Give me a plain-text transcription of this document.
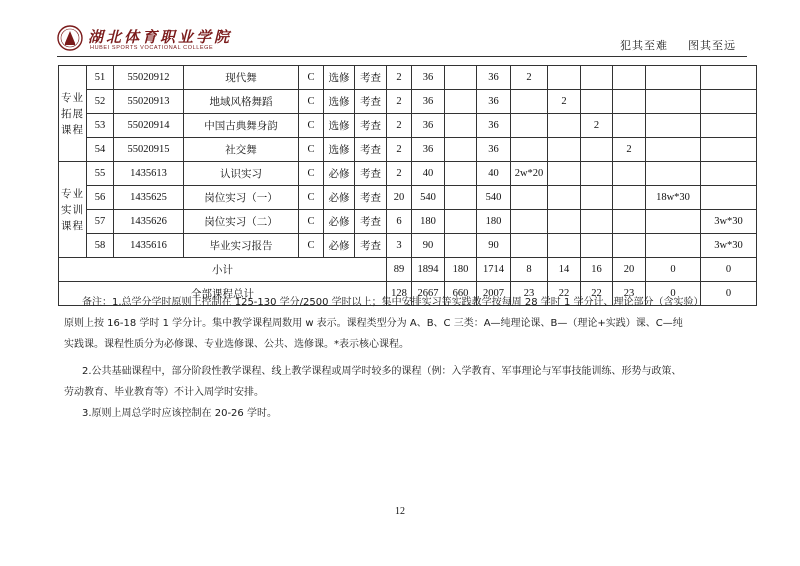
湖北体育职业学院
HUBEI SPORTS VOCATIONAL COLLEGE	犯其至难 图其至远
专业拓展课程	51	55020912	现代舞	C	选修	考查	2	36		36	2					
	52	55020913	地域风格舞蹈	C	选修	考查	2	36		36		2				
	53	55020914	中国古典舞身韵	C	选修	考查	2	36		36			2			
	54	55020915	社交舞	C	选修	考查	2	36		36				2		
专业实训课程	55	1435613	认识实习	C	必修	考查	2	40		40	2w*20					
	56	1435625	岗位实习（一）	C	必修	考查	20	540		540					18w*30	
	57	1435626	岗位实习（二）	C	必修	考查	6	180		180						3w*30
	58	1435616	毕业实习报告	C	必修	考查	3	90		90						3w*30
小计							89	1894	180	1714	8	14	16	20	0	0
全部课程总计							128	2667	660	2007	23	22	22	23	0	0

备注：1.总学分学时原则上控制在 125-130 学分/2500 学时以上；集中安排实习等实践教学按每周 28 学时 1 学分计、理论部分（含实验）

原则上按 16-18 学时 1 学分计。集中教学课程周数用 w 表示。课程类型分为 A、B、C 三类：A—纯理论课、B—（理论+实践）课、C—纯

实践课。课程性质分为必修课、专业选修课、公共、选修课。*表示核心课程。

2.公共基础课程中，部分阶段性教学课程、线上教学课程或周学时较多的课程（例：入学教育、军事理论与军事技能训练、形势与政策、

劳动教育、毕业教育等）不计入周学时安排。

3.原则上周总学时应该控制在 20-26 学时。

12
